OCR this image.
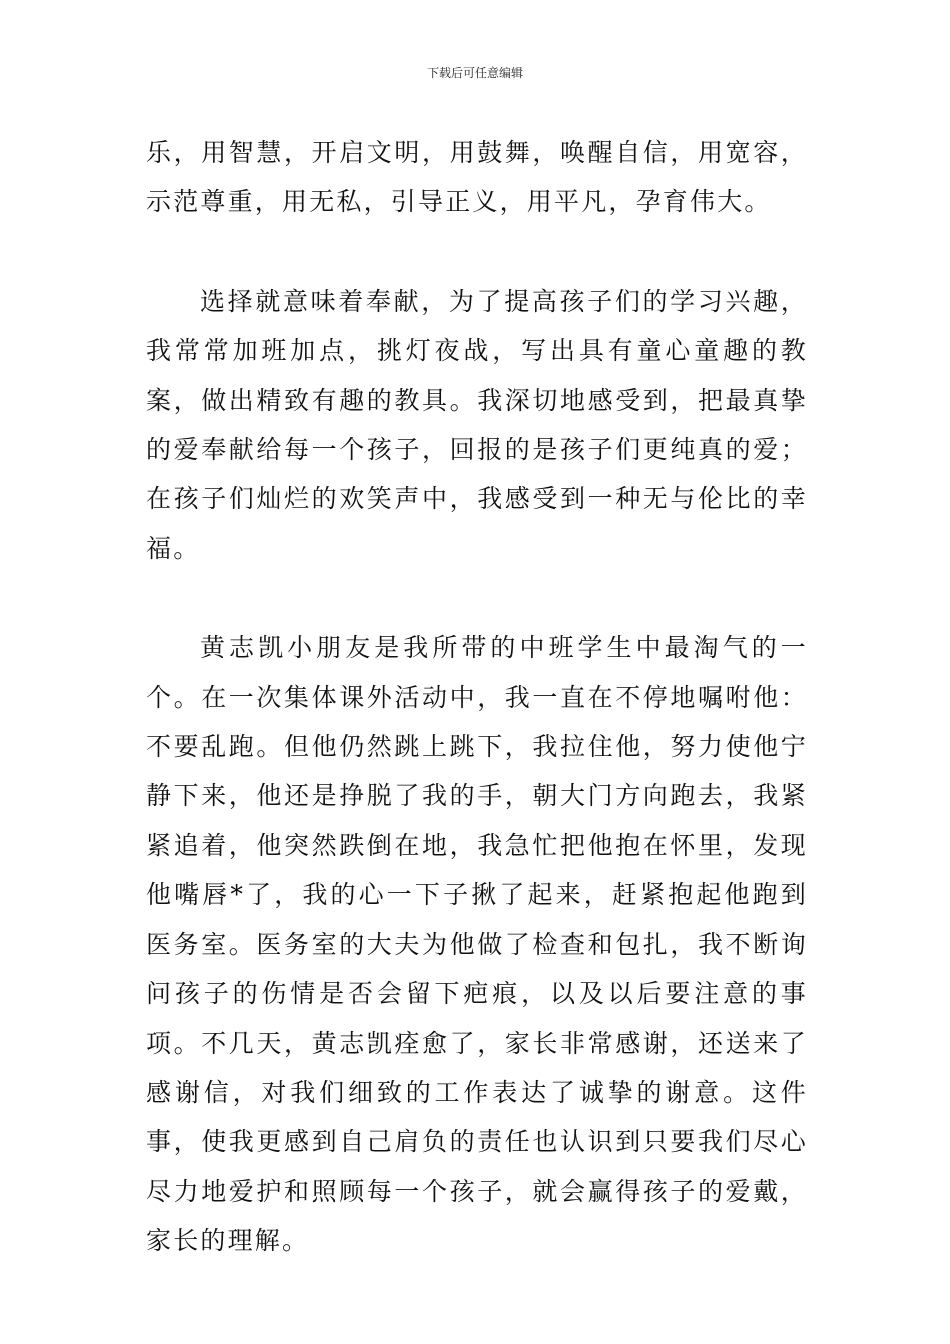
下载后可任意编辑

乐，用智慧，开启文明，用鼓舞，唤醒自信，用宽容，示范尊重，用无私，引导正义，用平凡，孕育伟大。

选择就意味着奉献，为了提高孩子们的学习兴趣，我常常加班加点，挑灯夜战，写出具有童心童趣的教案，做出精致有趣的教具。我深切地感受到，把最真挚的爱奉献给每一个孩子，回报的是孩子们更纯真的爱；在孩子们灿烂的欢笑声中，我感受到一种无与伦比的幸福。

黄志凯小朋友是我所带的中班学生中最淘气的一个。在一次集体课外活动中，我一直在不停地嘱咐他：不要乱跑。但他仍然跳上跳下，我拉住他，努力使他宁静下来，他还是挣脱了我的手，朝大门方向跑去，我紧紧追着，他突然跌倒在地，我急忙把他抱在怀里，发现他嘴唇*了，我的心一下子揪了起来，赶紧抱起他跑到医务室。医务室的大夫为他做了检查和包扎，我不断询问孩子的伤情是否会留下疤痕，以及以后要注意的事项。不几天，黄志凯痊愈了，家长非常感谢，还送来了感谢信，对我们细致的工作表达了诚挚的谢意。这件事，使我更感到自己肩负的责任也认识到只要我们尽心尽力地爱护和照顾每一个孩子，就会赢得孩子的爱戴，家长的理解。
